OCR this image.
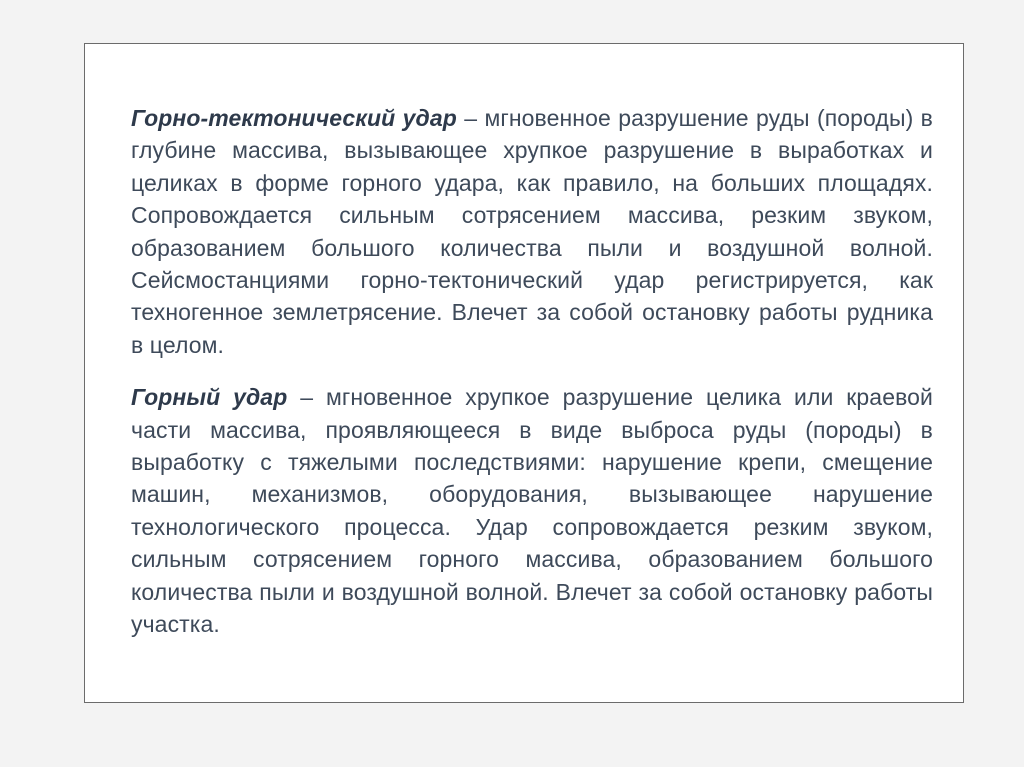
Горно-тектонический удар – мгновенное разрушение руды (породы) в глубине массива, вызывающее хрупкое разрушение в выработках и целиках в форме горного удара, как правило, на больших площадях. Сопровождается сильным сотрясением массива, резким звуком, образованием большого количества пыли и воздушной волной. Сейсмостанциями горно-тектонический удар регистрируется, как техногенное землетрясение. Влечет за собой остановку работы рудника в целом.

Горный удар – мгновенное хрупкое разрушение целика или краевой части массива, проявляющееся в виде выброса руды (породы) в выработку с тяжелыми последствиями: нарушение крепи, смещение машин, механизмов, оборудования, вызывающее нарушение технологического процесса. Удар сопровождается резким звуком, сильным сотрясением горного массива, образованием большого количества пыли и воздушной волной. Влечет за собой остановку работы участка.
